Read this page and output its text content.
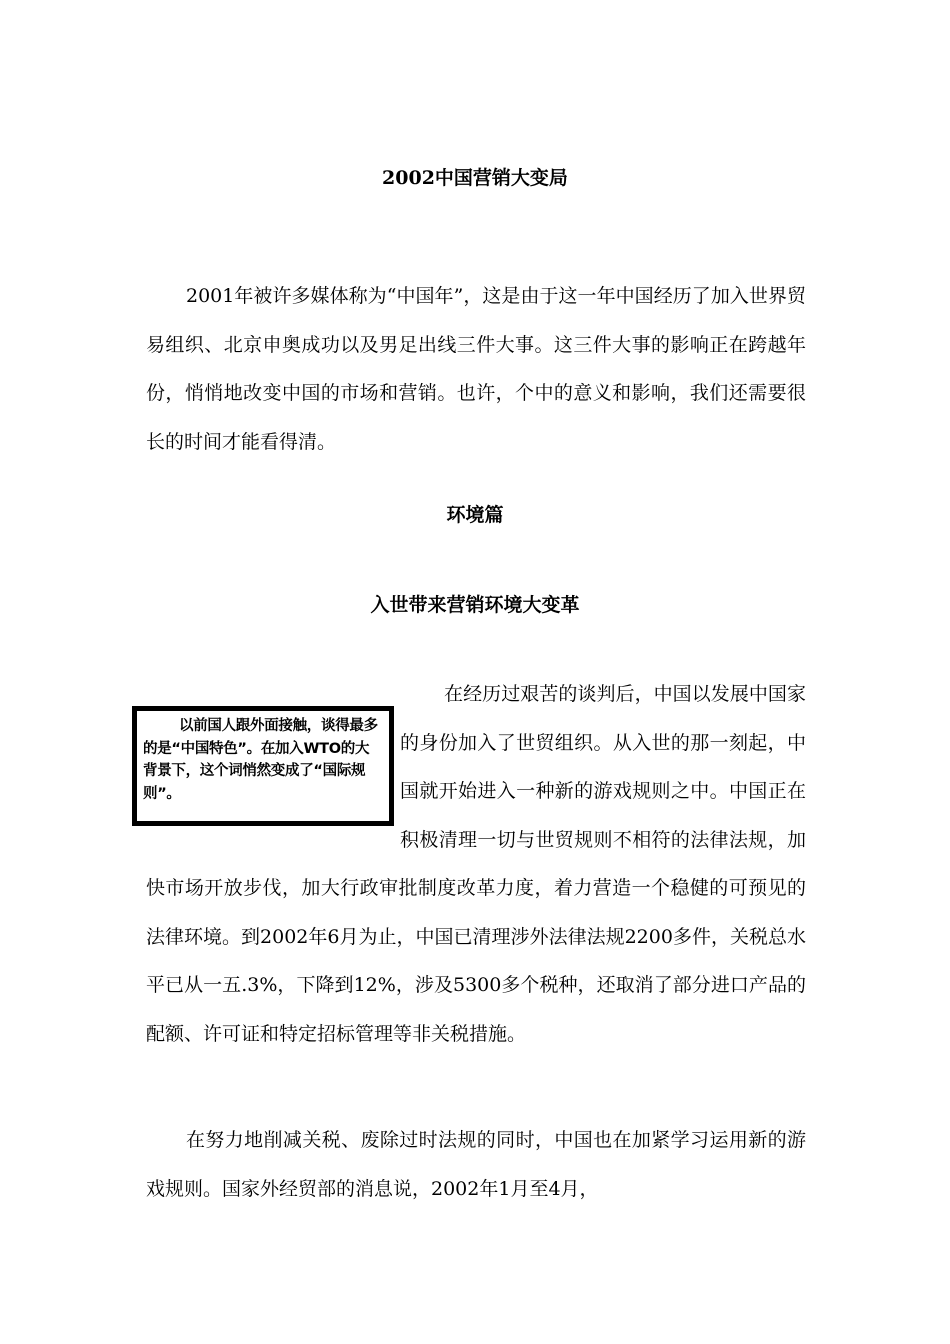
2002中国营销大变局

2001年被许多媒体称为“中国年”，这是由于这一年中国经历了加入世界贸易组织、北京申奥成功以及男足出线三件大事。这三件大事的影响正在跨越年份，悄悄地改变中国的市场和营销。也许，个中的意义和影响，我们还需要很长的时间才能看得清。

环境篇
入世带来营销环境大变革

在经历过艰苦的谈判后，中国以发展中国家的身份加入了世贸组织。从入世的那一刻起，中国就开始进入一种新的游戏规则之中。中国正在积极清理一切与世贸规则不相符的法律法规，加快市场开放步伐，加大行政审批制度改革力度，着力营造一个稳健的可预见的法律环境。到2002年6月为止，中国已清理涉外法律法规2200多件，关税总水平已从一五.3%，下降到12%，涉及5300多个税种，还取消了部分进口产品的配额、许可证和特定招标管理等非关税措施。

以前国人跟外面接触，谈得最多的是“中国特色”。在加入WTO的大背景下，这个词悄然变成了“国际规则”。

在努力地削减关税、废除过时法规的同时，中国也在加紧学习运用新的游戏规则。国家外经贸部的消息说，2002年1月至4月，
